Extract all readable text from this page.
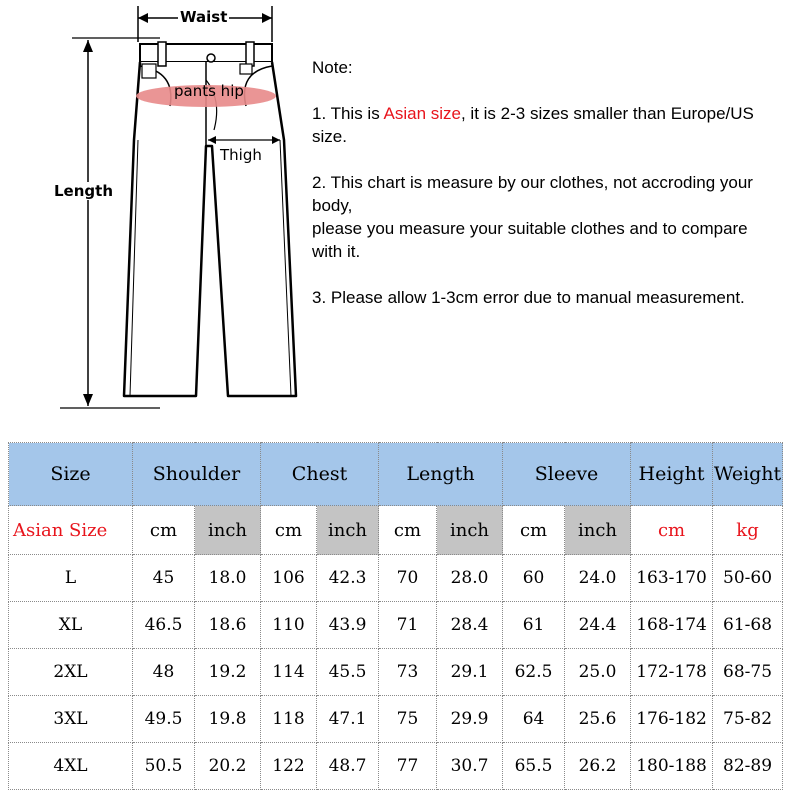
Waist
Length
pants hip
Thigh

Note:

1. This is Asian size, it is 2-3 sizes smaller than Europe/US size.

2. This chart is measure by our clothes, not accroding your body,
please you measure your suitable clothes and to compare with it.

3. Please allow 1-3cm error due to manual measurement.

Size	Shoulder		Chest		Length		Sleeve		Height	Weight
Asian Size	cm	inch	cm	inch	cm	inch	cm	inch	cm	kg
L	45	18.0	106	42.3	70	28.0	60	24.0	163-170	50-60
XL	46.5	18.6	110	43.9	71	28.4	61	24.4	168-174	61-68
2XL	48	19.2	114	45.5	73	29.1	62.5	25.0	172-178	68-75
3XL	49.5	19.8	118	47.1	75	29.9	64	25.6	176-182	75-82
4XL	50.5	20.2	122	48.7	77	30.7	65.5	26.2	180-188	82-89
